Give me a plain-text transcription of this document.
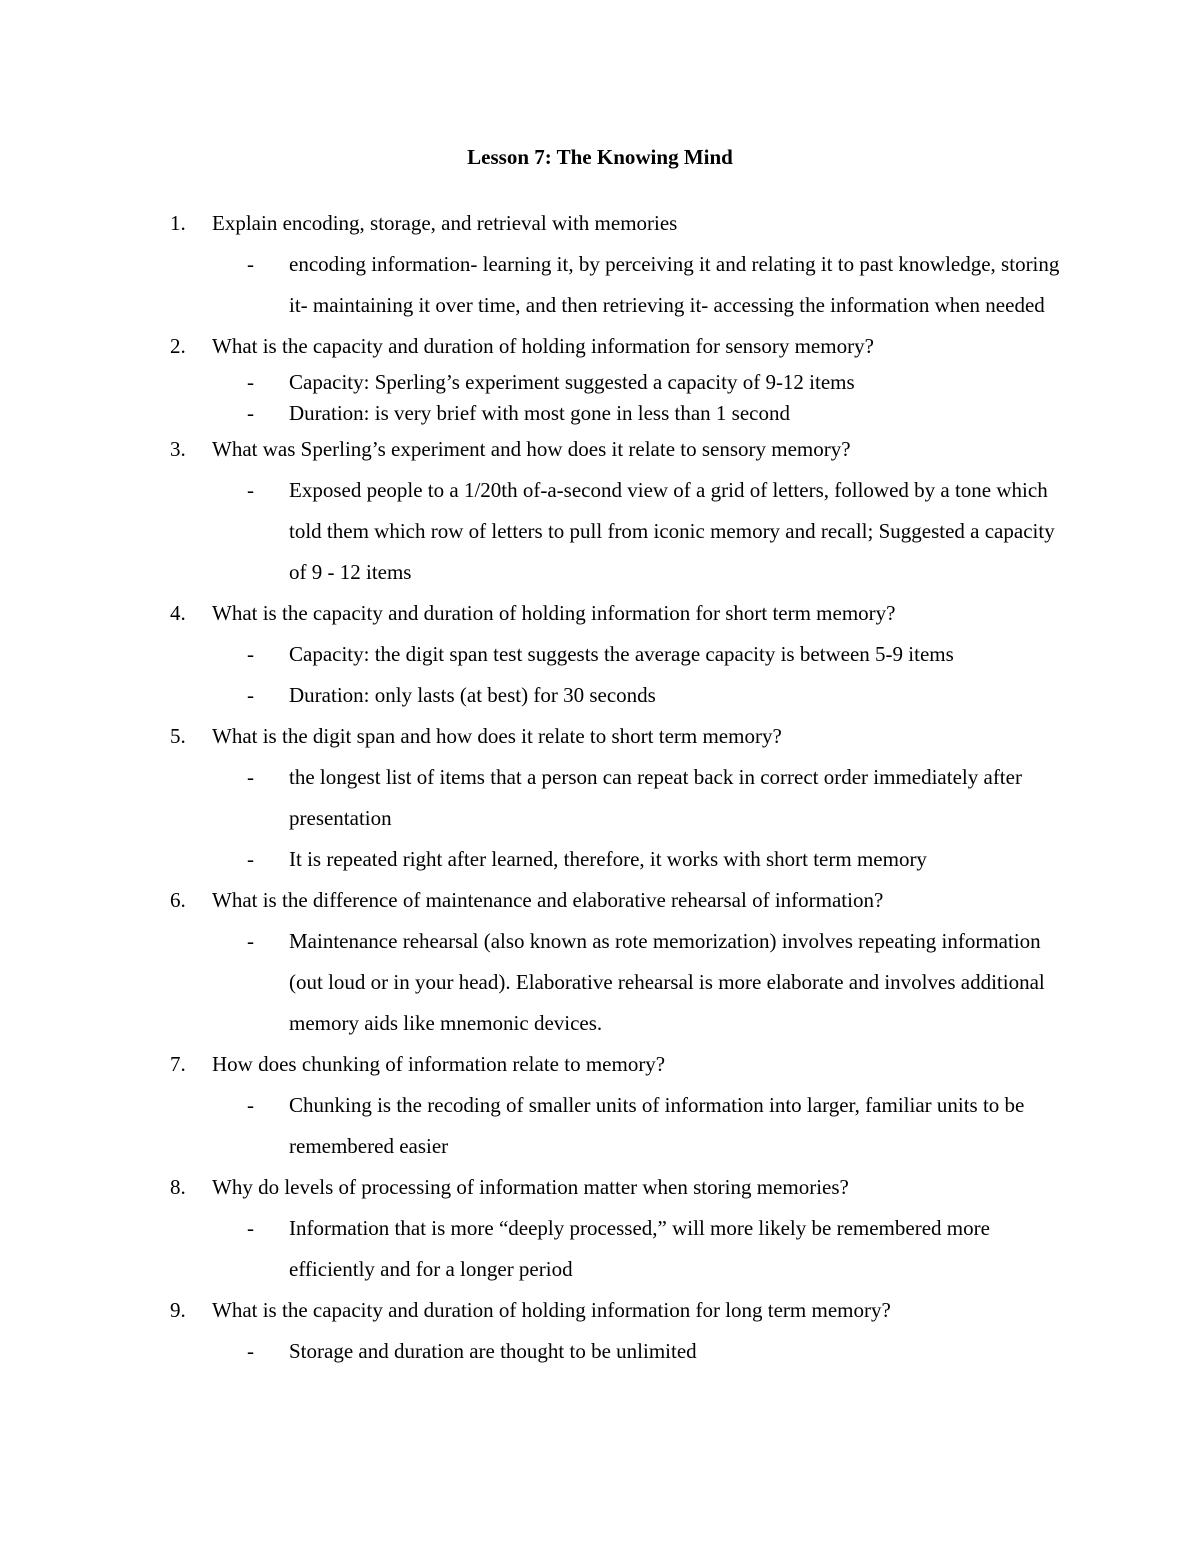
Lesson 7: The Knowing Mind
1.	Explain encoding, storage, and retrieval with memories
-	encoding information- learning it, by perceiving it and relating it to past knowledge, storing it- maintaining it over time, and then retrieving it- accessing the information when needed
2.	What is the capacity and duration of holding information for sensory memory?
-	Capacity: Sperling’s experiment suggested a capacity of 9-12 items
-	Duration: is very brief with most gone in less than 1 second
3.	What was Sperling’s experiment and how does it relate to sensory memory?
-	Exposed people to a 1/20th of-a-second view of a grid of letters, followed by a tone which told them which row of letters to pull from iconic memory and recall; Suggested a capacity of 9 - 12 items
4.	What is the capacity and duration of holding information for short term memory?
-	Capacity: the digit span test suggests the average capacity is between 5-9 items
-	Duration: only lasts (at best) for 30 seconds
5.	What is the digit span and how does it relate to short term memory?
-	the longest list of items that a person can repeat back in correct order immediately after presentation
-	It is repeated right after learned, therefore, it works with short term memory
6.	What is the difference of maintenance and elaborative rehearsal of information?
-	Maintenance rehearsal (also known as rote memorization) involves repeating information (out loud or in your head). Elaborative rehearsal is more elaborate and involves additional memory aids like mnemonic devices.
7.	How does chunking of information relate to memory?
-	Chunking is the recoding of smaller units of information into larger, familiar units to be remembered easier
8.	Why do levels of processing of information matter when storing memories?
-	Information that is more “deeply processed,” will more likely be remembered more efficiently and for a longer period
9.	What is the capacity and duration of holding information for long term memory?
-	Storage and duration are thought to be unlimited
